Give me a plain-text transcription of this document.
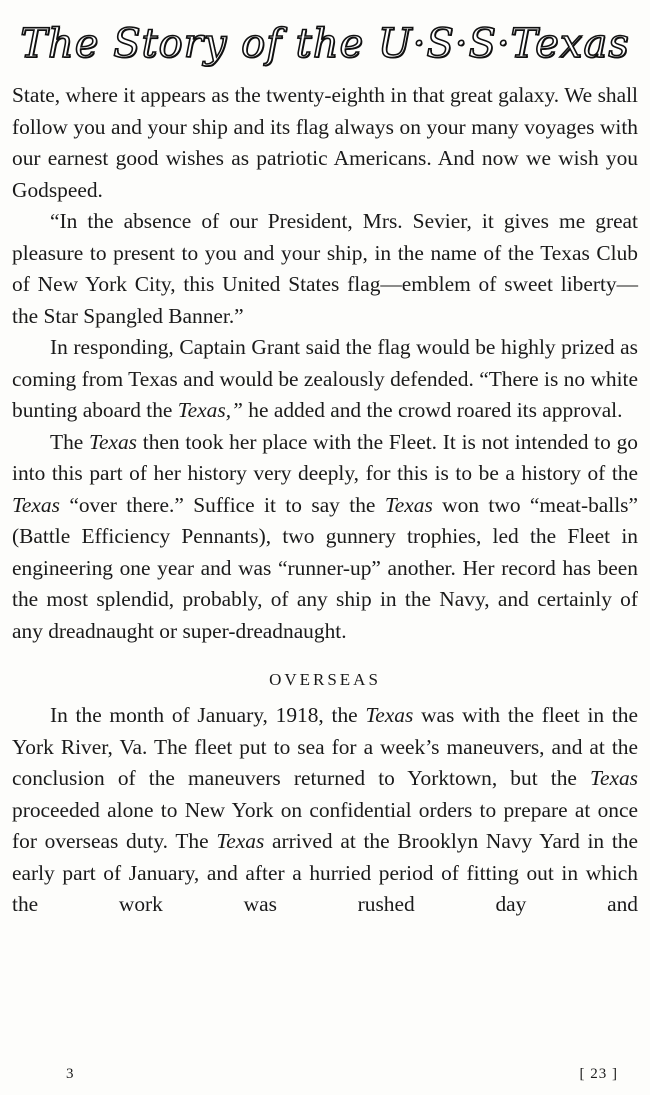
The Story of the U·S·S·Texas

State, where it appears as the twenty-eighth in that great galaxy. We shall follow you and your ship and its flag always on your many voyages with our earnest good wishes as patriotic Americans. And now we wish you Godspeed.

“In the absence of our President, Mrs. Sevier, it gives me great pleasure to present to you and your ship, in the name of the Texas Club of New York City, this United States flag—emblem of sweet liberty—the Star Spangled Banner.”

In responding, Captain Grant said the flag would be highly prized as coming from Texas and would be zealously defended. “There is no white bunting aboard the Texas,” he added and the crowd roared its approval.

The Texas then took her place with the Fleet. It is not intended to go into this part of her history very deeply, for this is to be a history of the Texas “over there.” Suffice it to say the Texas won two “meat-balls” (Battle Efficiency Pennants), two gunnery trophies, led the Fleet in engineering one year and was “runner-up” another. Her record has been the most splendid, probably, of any ship in the Navy, and certainly of any dreadnaught or super-dreadnaught.

OVERSEAS

In the month of January, 1918, the Texas was with the fleet in the York River, Va. The fleet put to sea for a week’s maneuvers, and at the conclusion of the maneuvers returned to Yorktown, but the Texas proceeded alone to New York on confidential orders to prepare at once for overseas duty. The Texas arrived at the Brooklyn Navy Yard in the early part of January, and after a hurried period of fitting out in which the work was rushed day and

3	[ 23 ]
